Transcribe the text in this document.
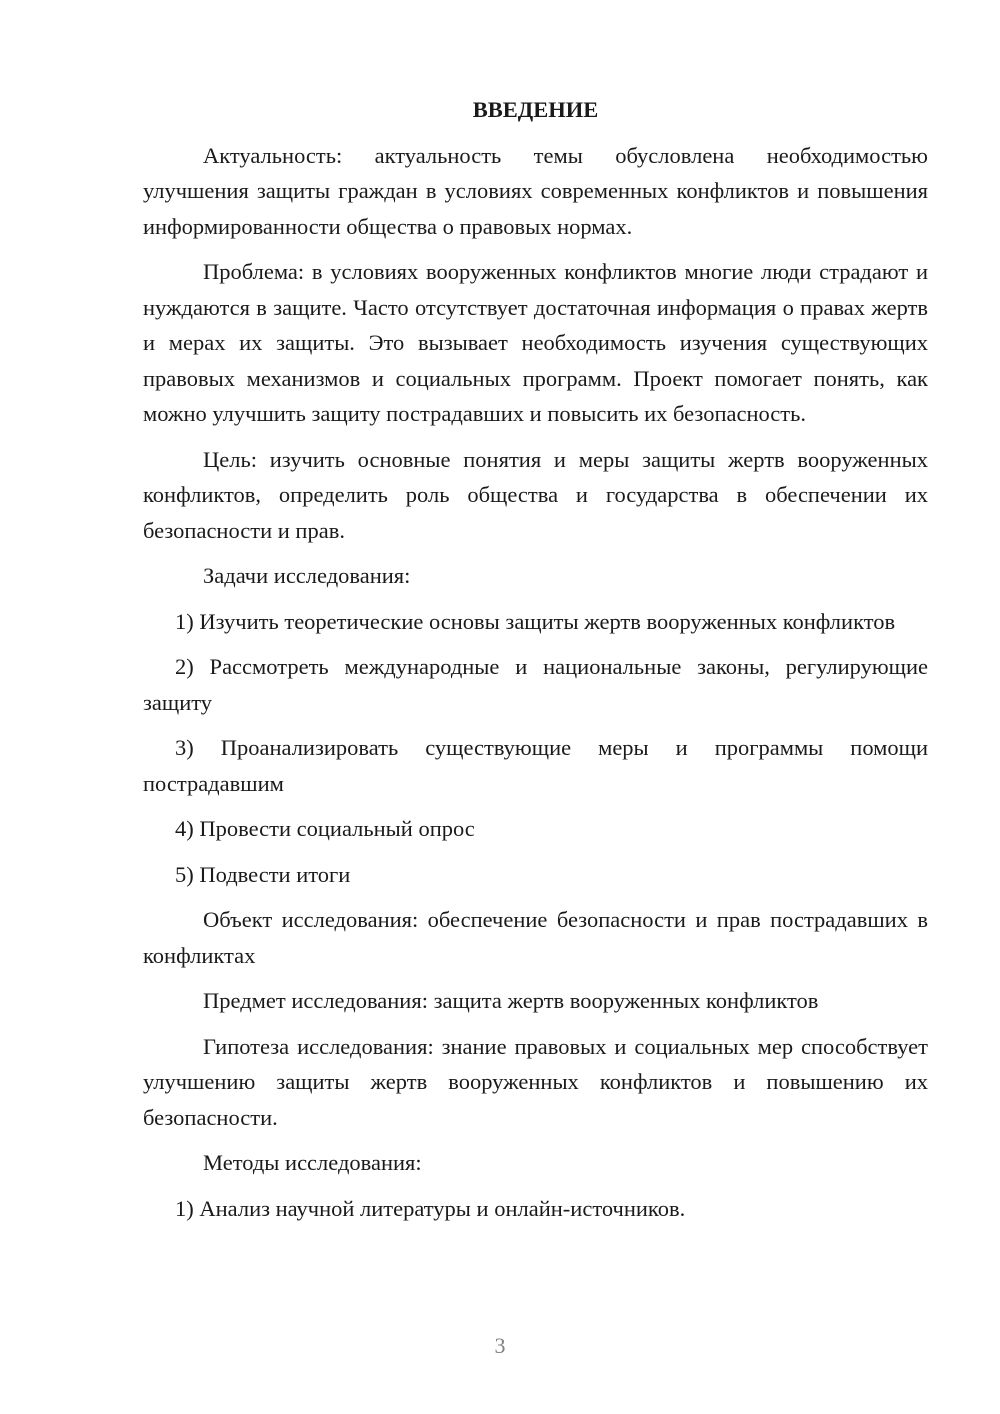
ВВЕДЕНИЕ

Актуальность: актуальность темы обусловлена необходимостью улучшения защиты граждан в условиях современных конфликтов и повышения информированности общества о правовых нормах.

Проблема: в условиях вооруженных конфликтов многие люди страдают и нуждаются в защите. Часто отсутствует достаточная информация о правах жертв и мерах их защиты. Это вызывает необходимость изучения существующих правовых механизмов и социальных программ. Проект помогает понять, как можно улучшить защиту пострадавших и повысить их безопасность.

Цель: изучить основные понятия и меры защиты жертв вооруженных конфликтов, определить роль общества и государства в обеспечении их безопасности и прав.

Задачи исследования:

1) Изучить теоретические основы защиты жертв вооруженных конфликтов

2) Рассмотреть международные и национальные законы, регулирующие защиту

3) Проанализировать существующие меры и программы помощи пострадавшим

4) Провести социальный опрос

5) Подвести итоги

Объект исследования: обеспечение безопасности и прав пострадавших в конфликтах

Предмет исследования: защита жертв вооруженных конфликтов

Гипотеза исследования: знание правовых и социальных мер способствует улучшению защиты жертв вооруженных конфликтов и повышению их безопасности.

Методы исследования:

1) Анализ научной литературы и онлайн-источников.

3
